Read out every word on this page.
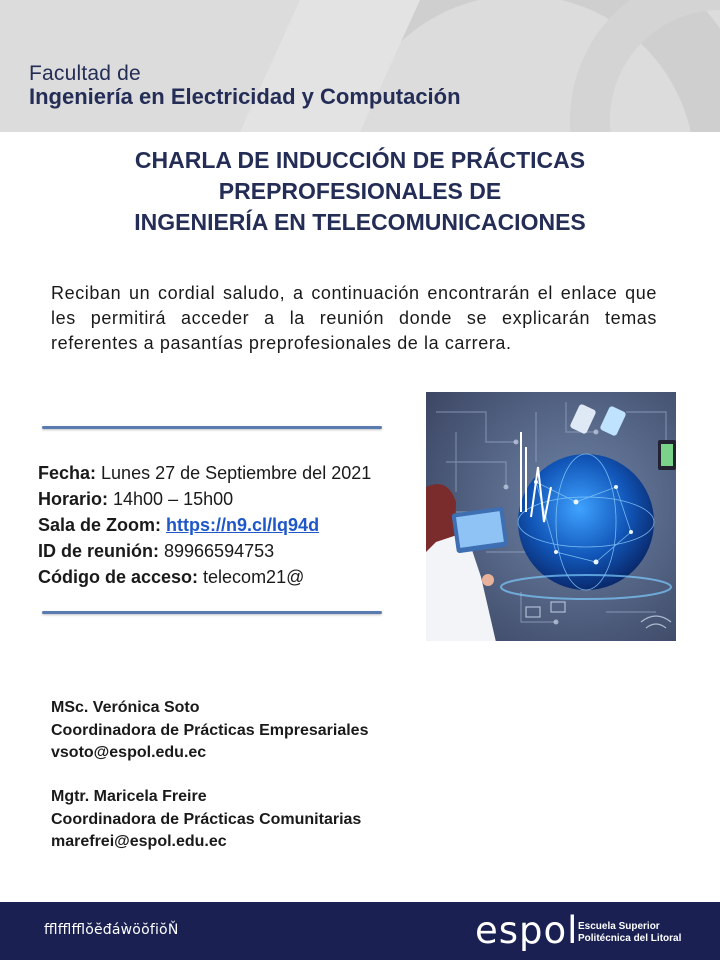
Facultad de
Ingeniería en Electricidad y Computación
CHARLA DE INDUCCIÓN DE PRÁCTICAS
PREPROFESIONALES DE
INGENIERÍA EN TELECOMUNICACIONES
Reciban un cordial saludo, a continuación encontrarán el enlace que les permitirá acceder a la reunión donde se explicarán temas referentes a pasantías preprofesionales de la carrera.
Fecha: Lunes 27 de Septiembre del 2021
Horario: 14h00 – 15h00
Sala de Zoom: https://n9.cl/lq94d
ID de reunión: 89966594753
Código de acceso: telecom21@
MSc. Verónica Soto
Coordinadora de Prácticas Empresariales
vsoto@espol.edu.ec
Mgtr. Maricela Freire
Coordinadora de Prácticas Comunitarias
marefrei@espol.edu.ec
ﬄﬄﬄŏĕđáẁöŏfiŏŇ	espol Escuela Superior
Politécnica del Litoral
